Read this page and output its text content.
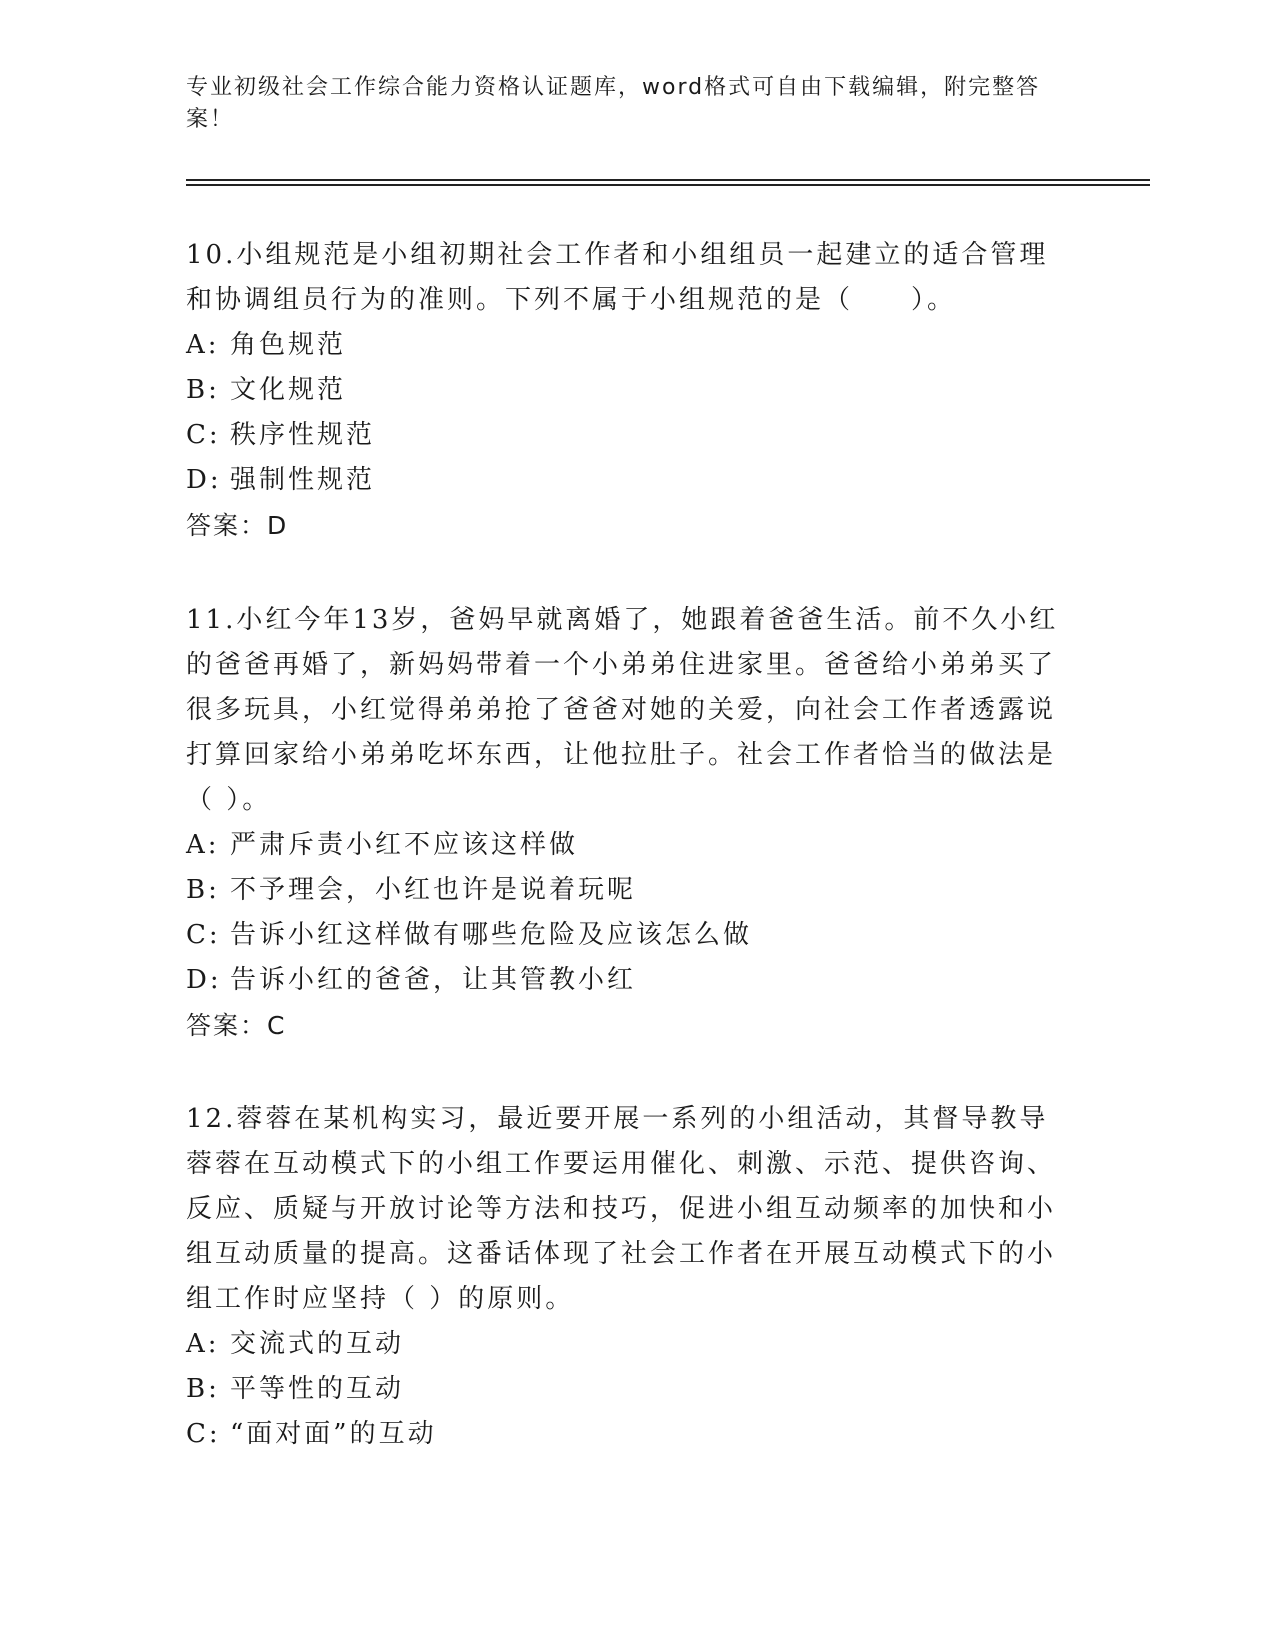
专业初级社会工作综合能力资格认证题库，word格式可自由下载编辑，附完整答案！

10.小组规范是小组初期社会工作者和小组组员一起建立的适合管理和协调组员行为的准则。下列不属于小组规范的是（　　）。

A: 角色规范

B: 文化规范

C: 秩序性规范

D: 强制性规范

答案：D

11.小红今年13岁，爸妈早就离婚了，她跟着爸爸生活。前不久小红的爸爸再婚了，新妈妈带着一个小弟弟住进家里。爸爸给小弟弟买了很多玩具，小红觉得弟弟抢了爸爸对她的关爱，向社会工作者透露说打算回家给小弟弟吃坏东西，让他拉肚子。社会工作者恰当的做法是（ ）。

A: 严肃斥责小红不应该这样做

B: 不予理会，小红也许是说着玩呢

C: 告诉小红这样做有哪些危险及应该怎么做

D: 告诉小红的爸爸，让其管教小红

答案：C

12.蓉蓉在某机构实习，最近要开展一系列的小组活动，其督导教导蓉蓉在互动模式下的小组工作要运用催化、刺激、示范、提供咨询、反应、质疑与开放讨论等方法和技巧，促进小组互动频率的加快和小组互动质量的提高。这番话体现了社会工作者在开展互动模式下的小组工作时应坚持（ ）的原则。

A: 交流式的互动

B: 平等性的互动

C: “面对面”的互动
